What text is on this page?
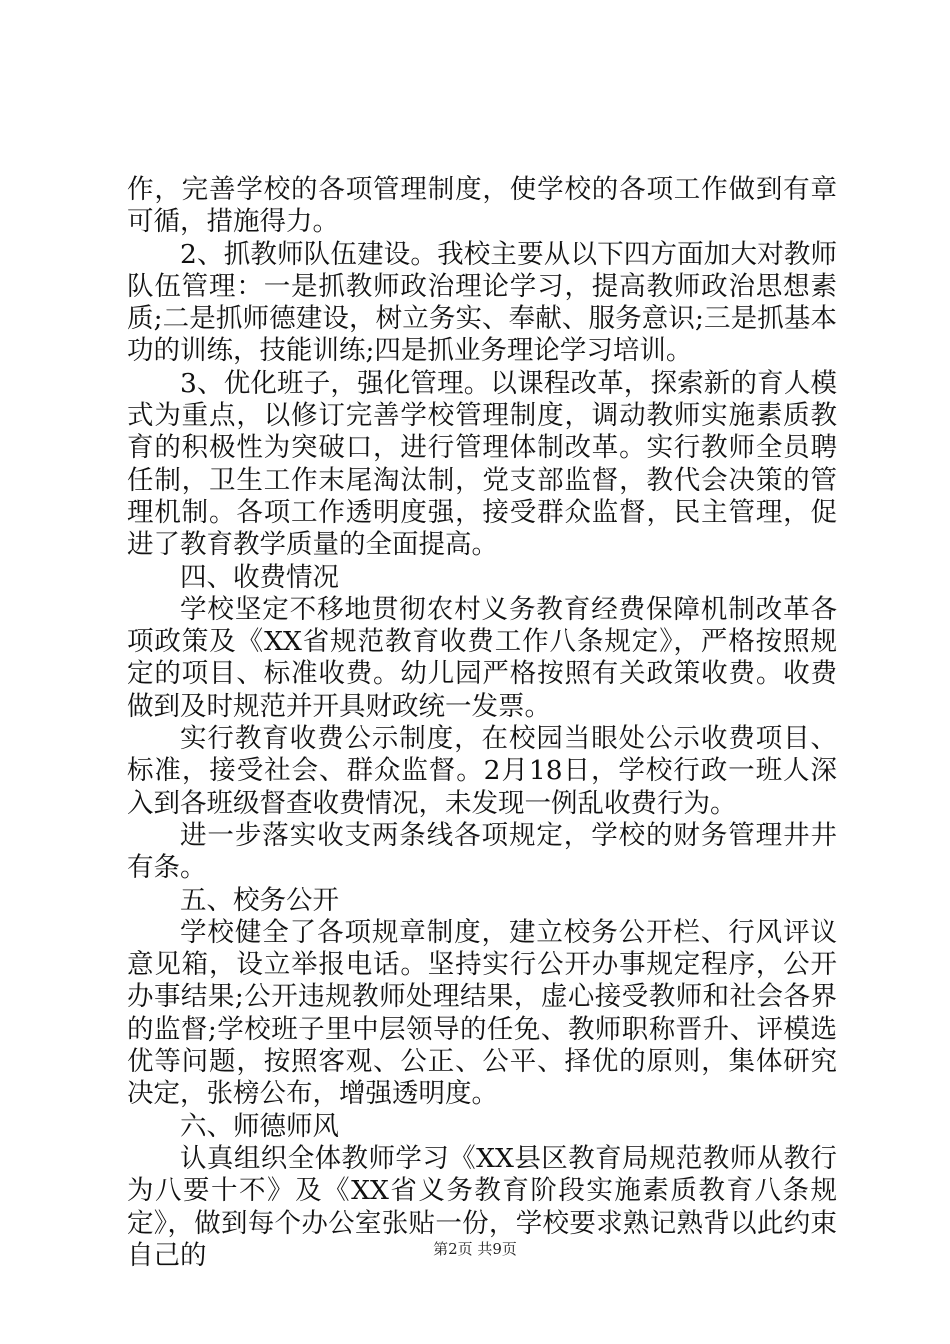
作，完善学校的各项管理制度，使学校的各项工作做到有章可循，措施得力。

2、抓教师队伍建设。我校主要从以下四方面加大对教师队伍管理：一是抓教师政治理论学习，提高教师政治思想素质;二是抓师德建设，树立务实、奉献、服务意识;三是抓基本功的训练，技能训练;四是抓业务理论学习培训。

3、优化班子，强化管理。以课程改革，探索新的育人模式为重点，以修订完善学校管理制度，调动教师实施素质教育的积极性为突破口，进行管理体制改革。实行教师全员聘任制，卫生工作末尾淘汰制，党支部监督，教代会决策的管理机制。各项工作透明度强，接受群众监督，民主管理，促进了教育教学质量的全面提高。

四、收费情况

学校坚定不移地贯彻农村义务教育经费保障机制改革各项政策及《XX省规范教育收费工作八条规定》，严格按照规定的项目、标准收费。幼儿园严格按照有关政策收费。收费做到及时规范并开具财政统一发票。

实行教育收费公示制度，在校园当眼处公示收费项目、标准，接受社会、群众监督。2月18日，学校行政一班人深入到各班级督查收费情况，未发现一例乱收费行为。

进一步落实收支两条线各项规定，学校的财务管理井井有条。

五、校务公开

学校健全了各项规章制度，建立校务公开栏、行风评议意见箱，设立举报电话。坚持实行公开办事规定程序，公开办事结果;公开违规教师处理结果，虚心接受教师和社会各界的监督;学校班子里中层领导的任免、教师职称晋升、评模选优等问题，按照客观、公正、公平、择优的原则，集体研究决定，张榜公布，增强透明度。

六、师德师风

认真组织全体教师学习《XX县区教育局规范教师从教行为八要十不》及《XX省义务教育阶段实施素质教育八条规定》，做到每个办公室张贴一份，学校要求熟记熟背以此约束自己的	第2页 共9页
